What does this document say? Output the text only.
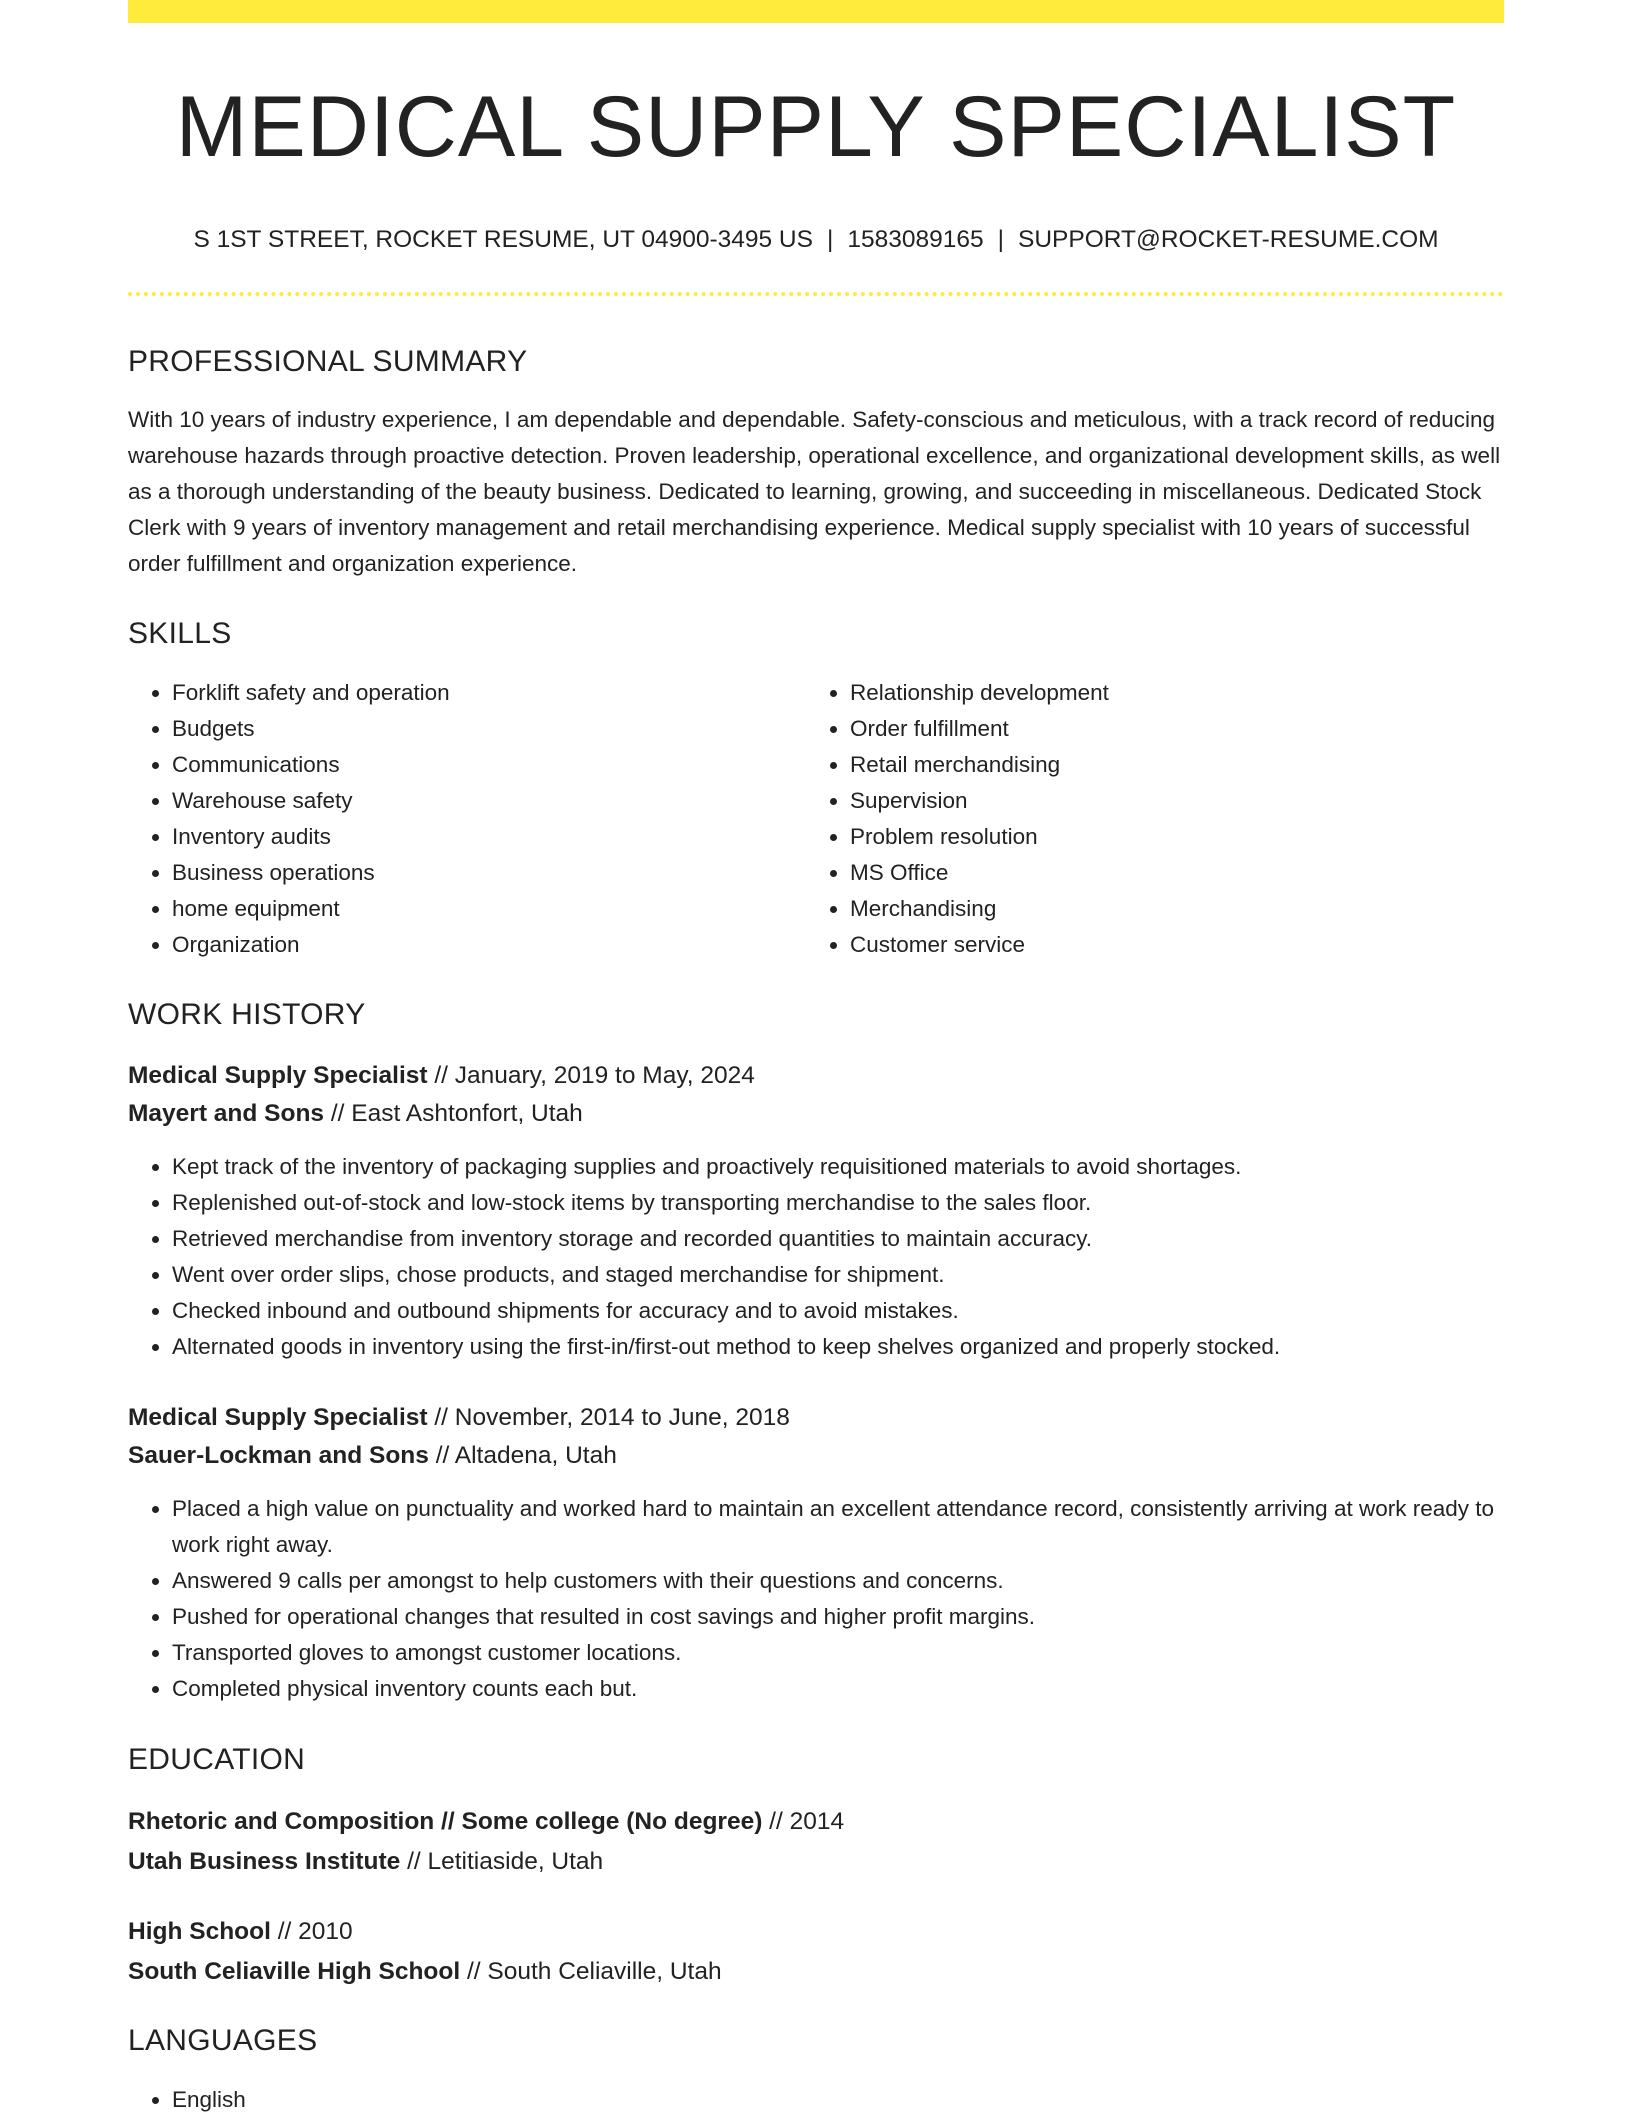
MEDICAL SUPPLY SPECIALIST
S 1ST STREET, ROCKET RESUME, UT 04900-3495 US | 1583089165 | SUPPORT@ROCKET-RESUME.COM
PROFESSIONAL SUMMARY

With 10 years of industry experience, I am dependable and dependable. Safety-conscious and meticulous, with a track record of reducing warehouse hazards through proactive detection. Proven leadership, operational excellence, and organizational development skills, as well as a thorough understanding of the beauty business. Dedicated to learning, growing, and succeeding in miscellaneous. Dedicated Stock Clerk with 9 years of inventory management and retail merchandising experience. Medical supply specialist with 10 years of successful order fulfillment and organization experience.

SKILLS
• Forklift safety and operation
• Budgets
• Communications
• Warehouse safety
• Inventory audits
• Business operations
• home equipment
• Organization
• Relationship development
• Order fulfillment
• Retail merchandising
• Supervision
• Problem resolution
• MS Office
• Merchandising
• Customer service
WORK HISTORY
Medical Supply Specialist // January, 2019 to May, 2024
Mayert and Sons // East Ashtonfort, Utah
• Kept track of the inventory of packaging supplies and proactively requisitioned materials to avoid shortages.
• Replenished out-of-stock and low-stock items by transporting merchandise to the sales floor.
• Retrieved merchandise from inventory storage and recorded quantities to maintain accuracy.
• Went over order slips, chose products, and staged merchandise for shipment.
• Checked inbound and outbound shipments for accuracy and to avoid mistakes.
• Alternated goods in inventory using the first-in/first-out method to keep shelves organized and properly stocked.
Medical Supply Specialist // November, 2014 to June, 2018
Sauer-Lockman and Sons // Altadena, Utah
• Placed a high value on punctuality and worked hard to maintain an excellent attendance record, consistently arriving at work ready to work right away.
• Answered 9 calls per amongst to help customers with their questions and concerns.
• Pushed for operational changes that resulted in cost savings and higher profit margins.
• Transported gloves to amongst customer locations.
• Completed physical inventory counts each but.
EDUCATION
Rhetoric and Composition // Some college (No degree) // 2014
Utah Business Institute // Letitiaside, Utah
High School // 2010
South Celiaville High School // South Celiaville, Utah
LANGUAGES
• English
